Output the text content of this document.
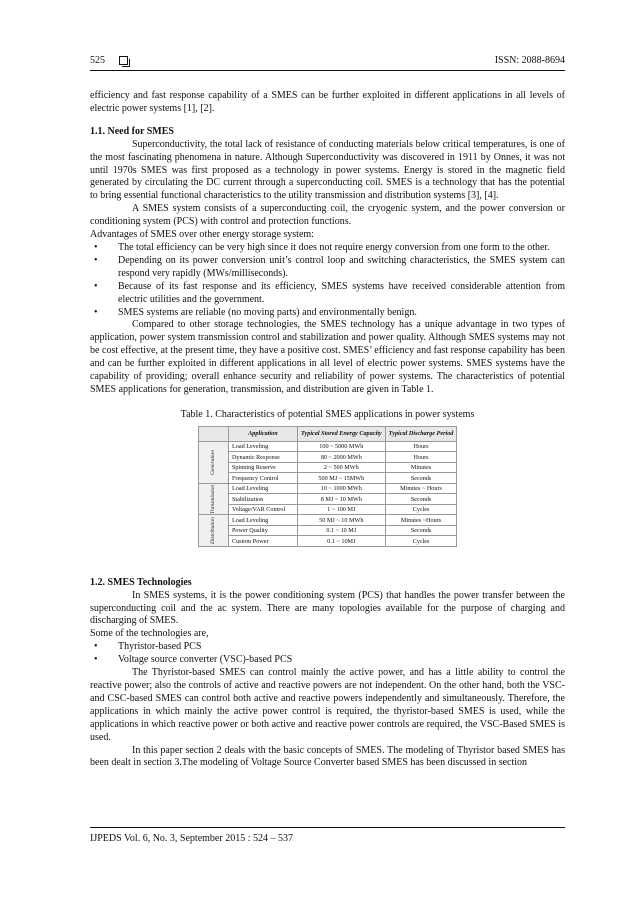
525	ISSN: 2088-8694

efficiency and fast response capability of a SMES can be further exploited in different applications in all levels of electric power systems [1], [2].

1.1. Need for SMES

Superconductivity, the total lack of resistance of conducting materials below critical temperatures, is one of the most fascinating phenomena in nature. Although Superconductivity was discovered in 1911 by Onnes, it was not until 1970s SMES was first proposed as a technology in power systems. Energy is stored in the magnetic field generated by circulating the DC current through a superconducting coil. SMES is a technology that has the potential to bring essential functional characteristics to the utility transmission and distribution systems [3], [4].

A SMES system consists of a superconducting coil, the cryogenic system, and the power conversion or conditioning system (PCS) with control and protection functions.

Advantages of SMES over other energy storage system:

• The total efficiency can be very high since it does not require energy conversion from one form to the other.
• Depending on its power conversion unit’s control loop and switching characteristics, the SMES system can respond very rapidly (MWs/milliseconds).
• Because of its fast response and its efficiency, SMES systems have received considerable attention from electric utilities and the government.
• SMES systems are reliable (no moving parts) and environmentally benign.

Compared to other storage technologies, the SMES technology has a unique advantage in two types of application, power system transmission control and stabilization and power quality. Although SMES systems may not be cost effective, at the present time, they have a positive cost. SMES’ efficiency and fast response capability has been and can be further exploited in different applications in all level of electric power systems. SMES systems have the capability of providing; overall enhance security and reliability of power systems. The characteristics of potential SMES applications for generation, transmission, and distribution are given in Table 1.

Table 1. Characteristics of potential SMES applications in power systems

	Application	Typical Stored Energy Capacity	Typical Discharge Period

Generation	Load Leveling	100 ~ 5000 MWh	Hours
	Dynamic Response	80 ~ 2000 MWh	Hours
	Spinning Reserve	2 ~ 500 MWh	Minutes
	Frequency Control	500 MJ ~ 15MWh	Seconds

Transmission	Load Leveling	10 ~ 1000 MWh	Minutes ~ Hours
	Stabilization	8 MJ ~ 10 MWh	Seconds
	Voltage/VAR Control	1 ~ 100 MJ	Cycles

Distribution	Load Leveling	50 MJ ~ 10 MWh	Minutes ~Hours
	Power Quality	0.1 ~ 10 MJ	Seconds
	Custom Power	0.1 ~ 10MJ	Cycles

1.2. SMES Technologies

In SMES systems, it is the power conditioning system (PCS) that handles the power transfer between the superconducting coil and the ac system. There are many topologies available for the purpose of charging and discharging of SMES.

Some of the technologies are,

• Thyristor-based PCS
• Voltage source converter (VSC)-based PCS

The Thyristor-based SMES can control mainly the active power, and has a little ability to control the reactive power; also the controls of active and reactive powers are not independent. On the other hand, both the VSC- and CSC-based SMES can control both active and reactive powers independently and simultaneously. Therefore, the applications in which mainly the active power control is required, the thyristor-based SMES is used, while the applications in which reactive power or both active and reactive power controls are required, the VSC-Based SMES is used.

In this paper section 2 deals with the basic concepts of SMES. The modeling of Thyristor based SMES has been dealt in section 3.The modeling of Voltage Source Converter based SMES has been discussed in section

IJPEDS Vol. 6, No. 3, September 2015 : 524 – 537
